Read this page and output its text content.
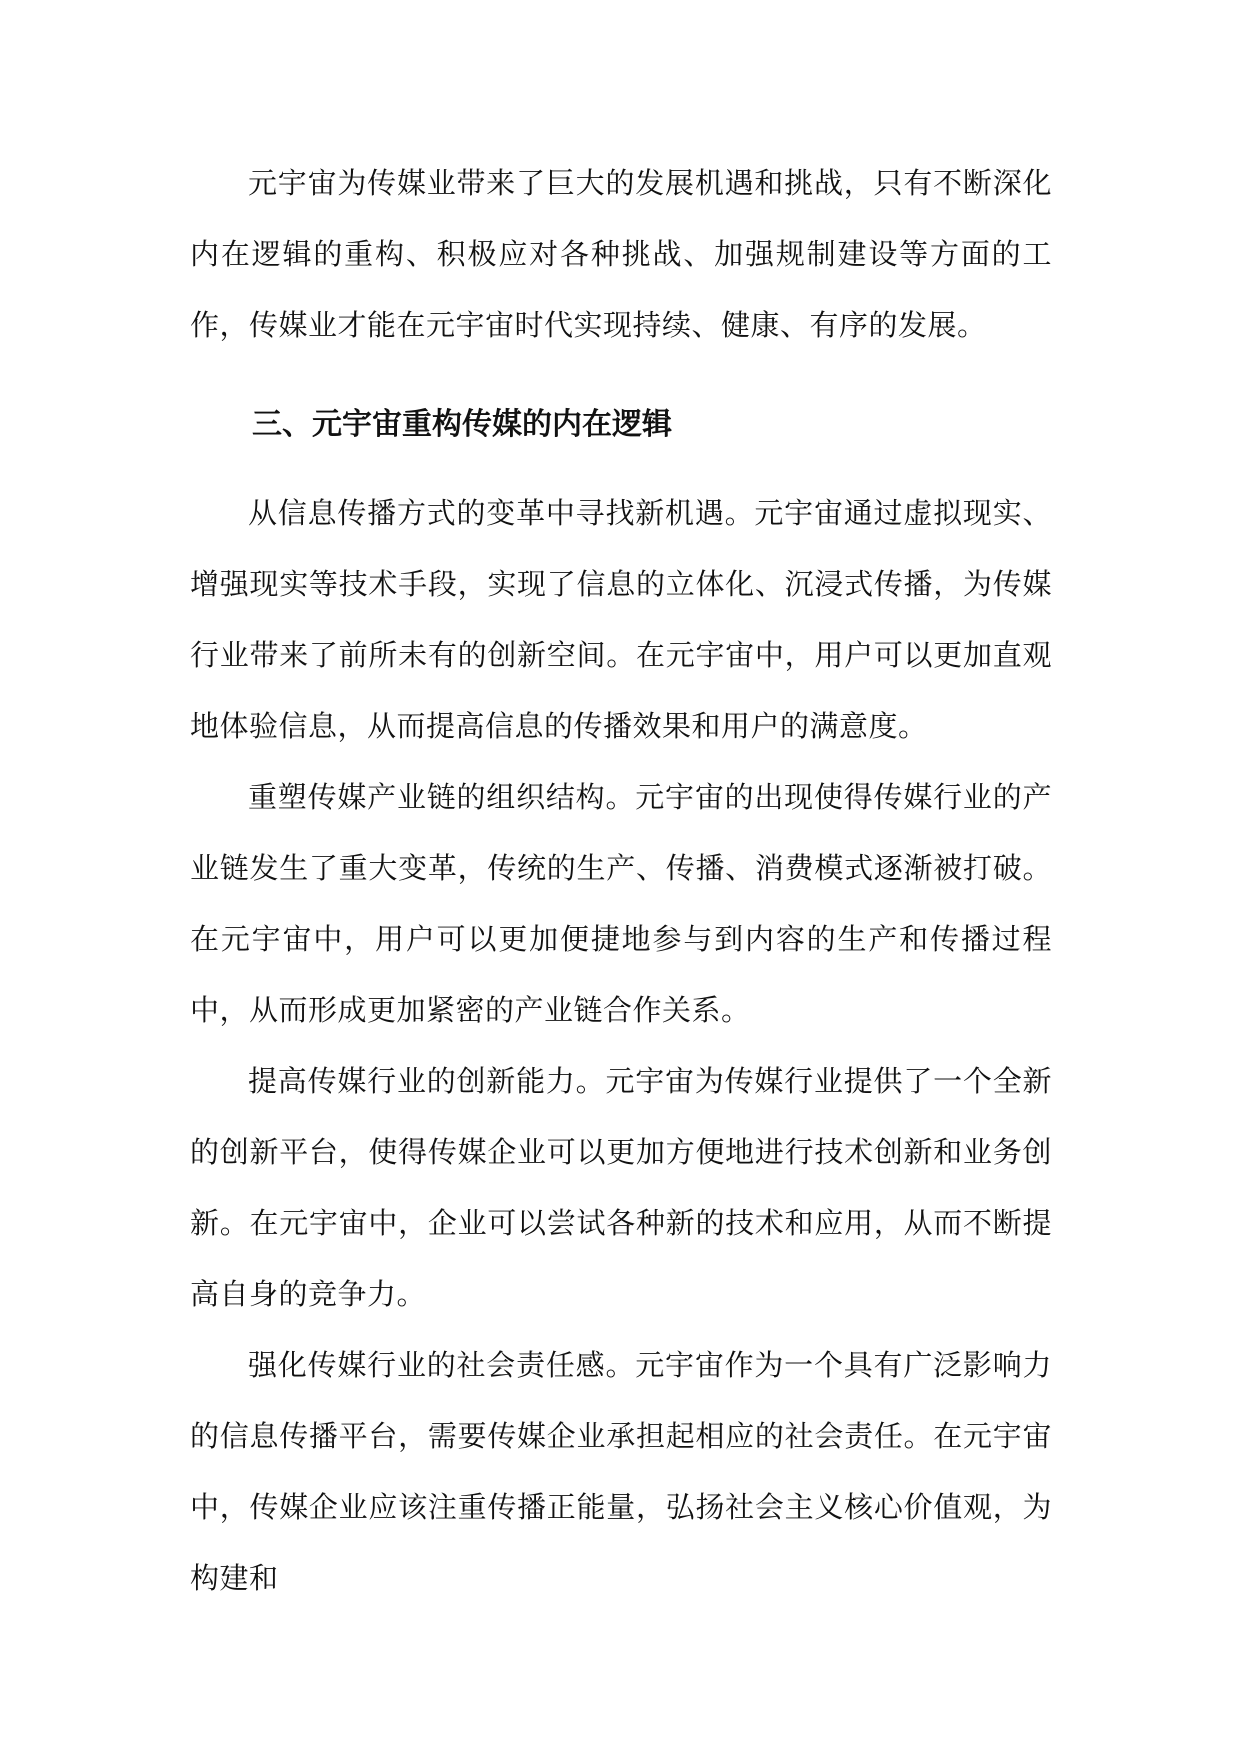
元宇宙为传媒业带来了巨大的发展机遇和挑战，只有不断深化内在逻辑的重构、积极应对各种挑战、加强规制建设等方面的工作，传媒业才能在元宇宙时代实现持续、健康、有序的发展。

三、元宇宙重构传媒的内在逻辑

从信息传播方式的变革中寻找新机遇。元宇宙通过虚拟现实、增强现实等技术手段，实现了信息的立体化、沉浸式传播，为传媒行业带来了前所未有的创新空间。在元宇宙中，用户可以更加直观地体验信息，从而提高信息的传播效果和用户的满意度。

重塑传媒产业链的组织结构。元宇宙的出现使得传媒行业的产业链发生了重大变革，传统的生产、传播、消费模式逐渐被打破。在元宇宙中，用户可以更加便捷地参与到内容的生产和传播过程中，从而形成更加紧密的产业链合作关系。

提高传媒行业的创新能力。元宇宙为传媒行业提供了一个全新的创新平台，使得传媒企业可以更加方便地进行技术创新和业务创新。在元宇宙中，企业可以尝试各种新的技术和应用，从而不断提高自身的竞争力。

强化传媒行业的社会责任感。元宇宙作为一个具有广泛影响力的信息传播平台，需要传媒企业承担起相应的社会责任。在元宇宙中，传媒企业应该注重传播正能量，弘扬社会主义核心价值观，为构建和
